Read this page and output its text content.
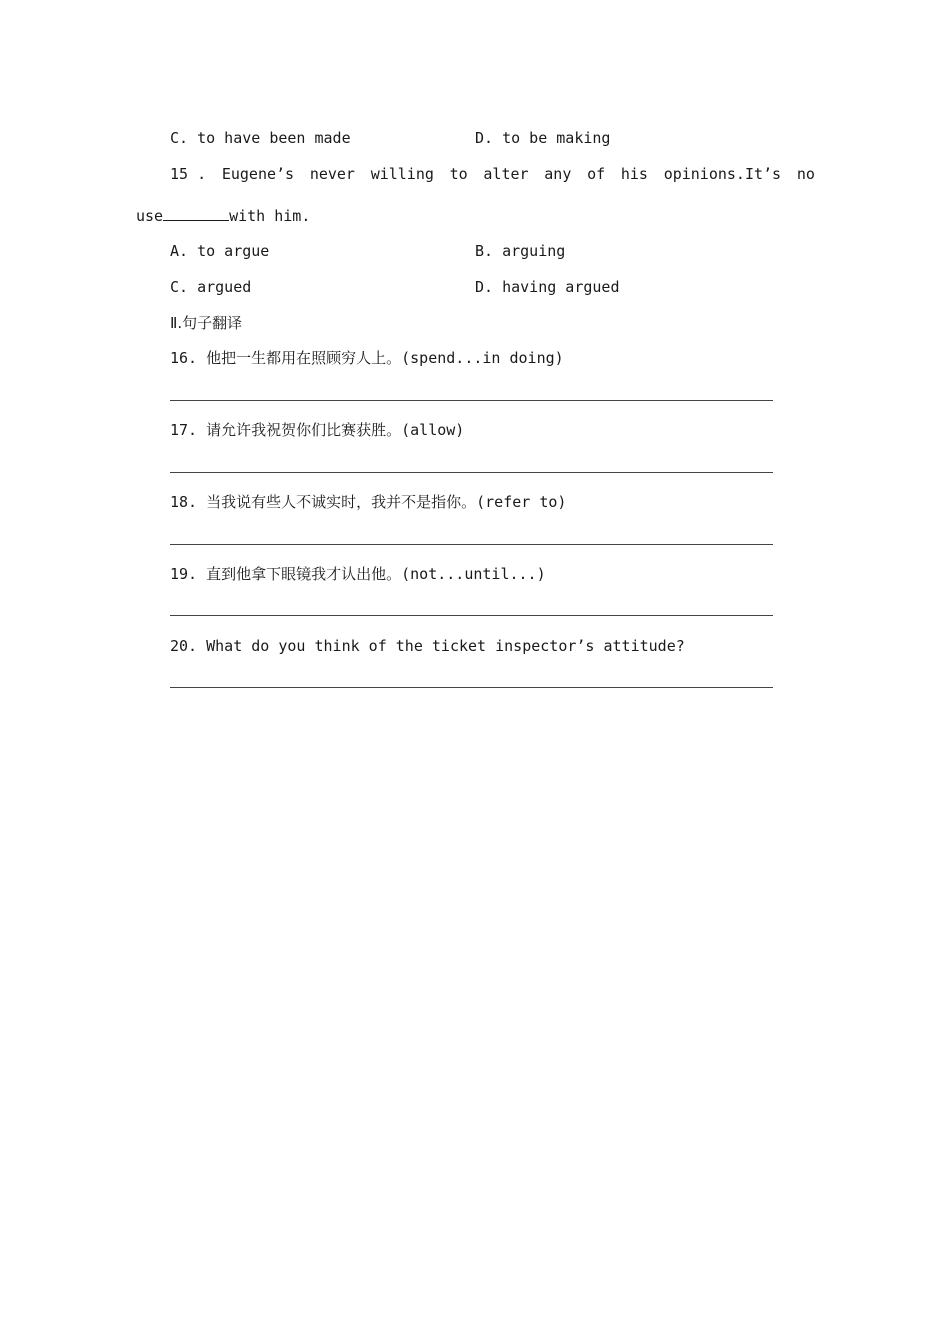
C. to have been made	D. to be making
15 . Eugene’s never willing to alter any of his opinions.It’s no
use	with him.
A. to argue	B. arguing
C. argued	D. having argued
Ⅱ.句子翻译
16. 他把一生都用在照顾穷人上。(spend...in doing)
17. 请允许我祝贺你们比赛获胜。(allow)
18. 当我说有些人不诚实时，我并不是指你。(refer to)
19. 直到他拿下眼镜我才认出他。(not...until...)
20. What do you think of the ticket inspector’s attitude?
